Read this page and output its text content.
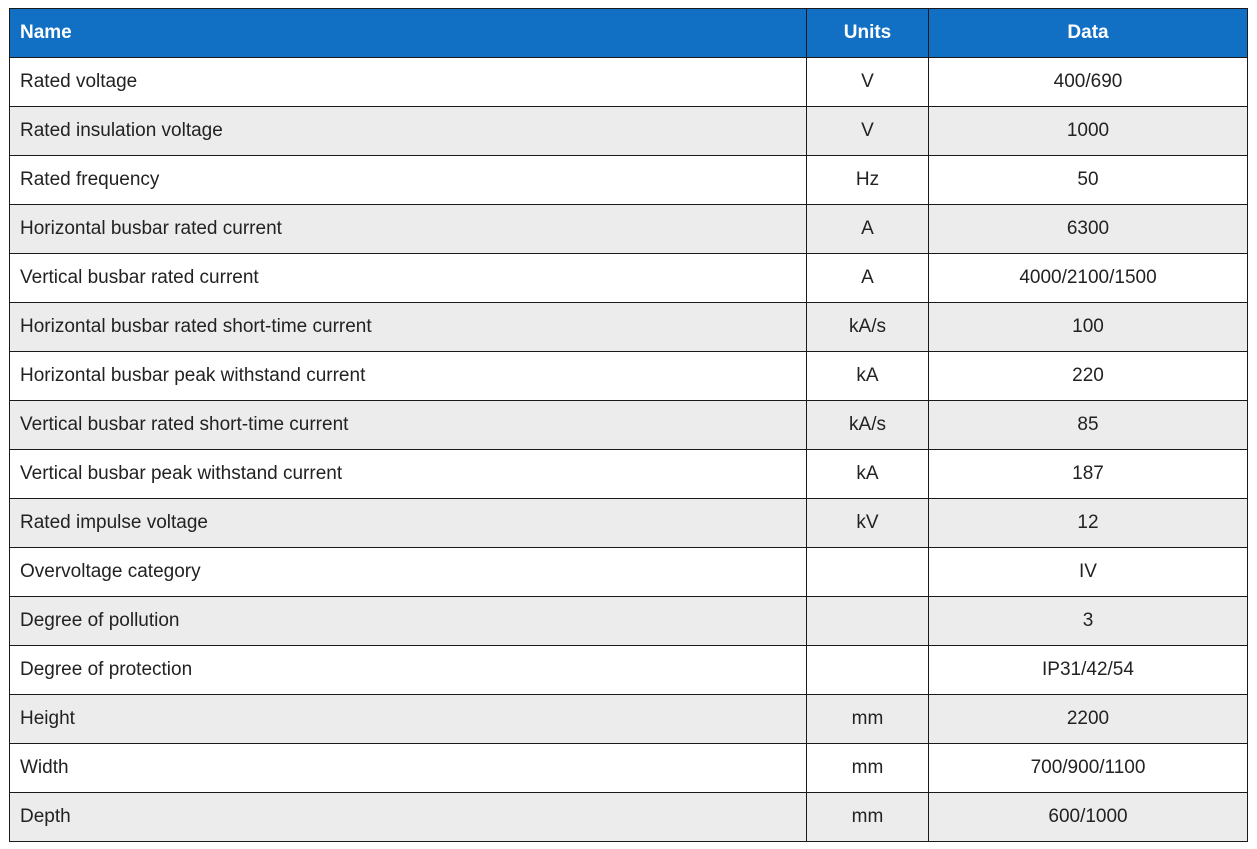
Name	Units	Data
Rated voltage	V	400/690
Rated insulation voltage	V	1000
Rated frequency	Hz	50
Horizontal busbar rated current	A	6300
Vertical busbar rated current	A	4000/2100/1500
Horizontal busbar rated short-time current	kA/s	100
Horizontal busbar peak withstand current	kA	220
Vertical busbar rated short-time current	kA/s	85
Vertical busbar peak withstand current	kA	187
Rated impulse voltage	kV	12
Overvoltage category		IV
Degree of pollution		3
Degree of protection		IP31/42/54
Height	mm	2200
Width	mm	700/900/1100
Depth	mm	600/1000
